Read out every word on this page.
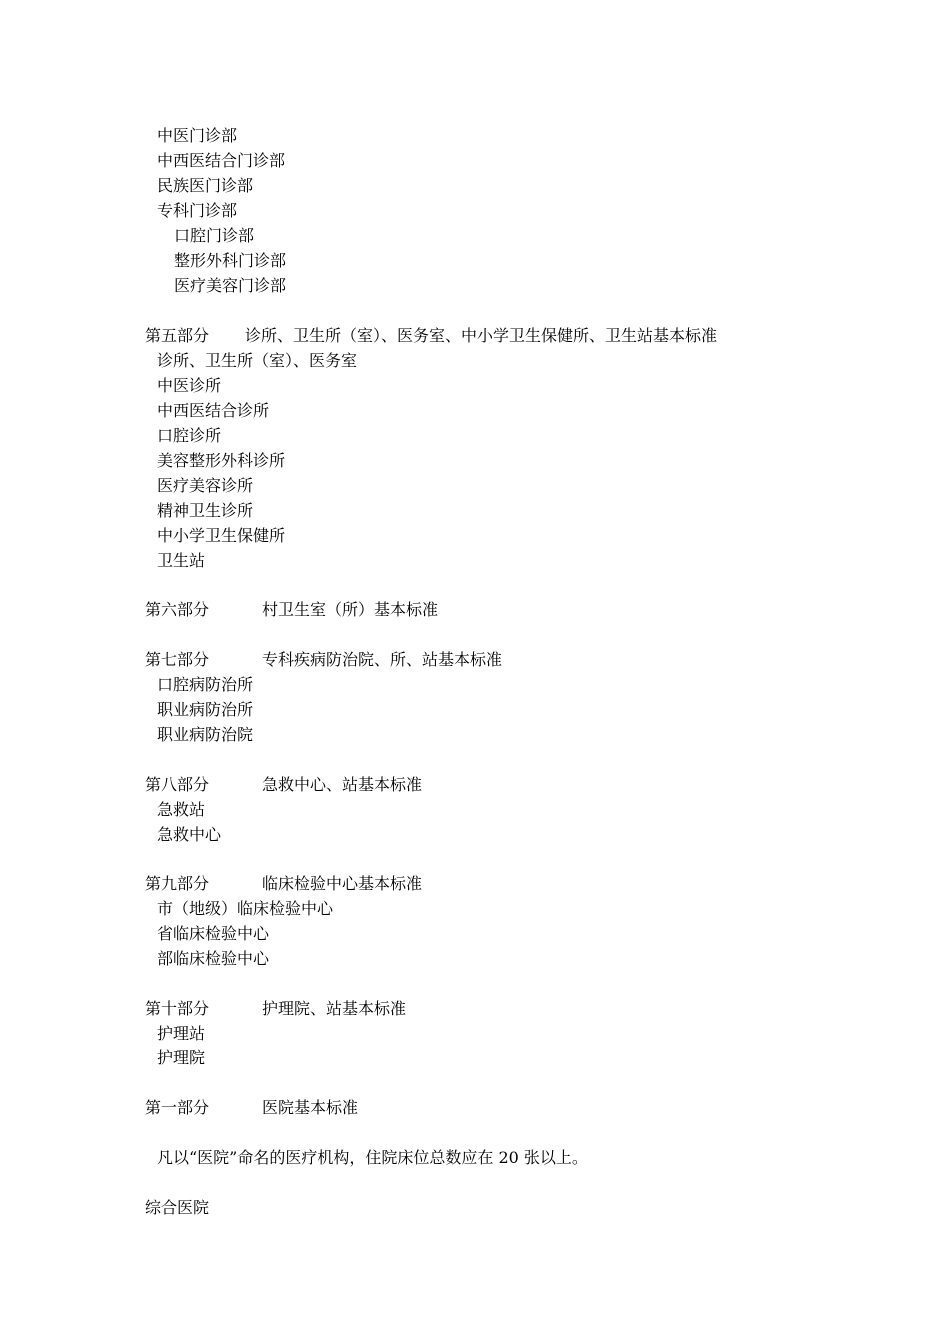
中医门诊部
中西医结合门诊部
民族医门诊部
专科门诊部
口腔门诊部
整形外科门诊部
医疗美容门诊部
第五部分 诊所、卫生所（室）、医务室、中小学卫生保健所、卫生站基本标准
诊所、卫生所（室）、医务室
中医诊所
中西医结合诊所
口腔诊所
美容整形外科诊所
医疗美容诊所
精神卫生诊所
中小学卫生保健所
卫生站
第六部分	村卫生室（所）基本标准
第七部分	专科疾病防治院、所、站基本标准
口腔病防治所
职业病防治所
职业病防治院
第八部分	急救中心、站基本标准
急救站
急救中心
第九部分	临床检验中心基本标准
市（地级）临床检验中心
省临床检验中心
部临床检验中心
第十部分	护理院、站基本标准
护理站
护理院
第一部分	医院基本标准
凡以“医院”命名的医疗机构，住院床位总数应在 20 张以上。
综合医院
